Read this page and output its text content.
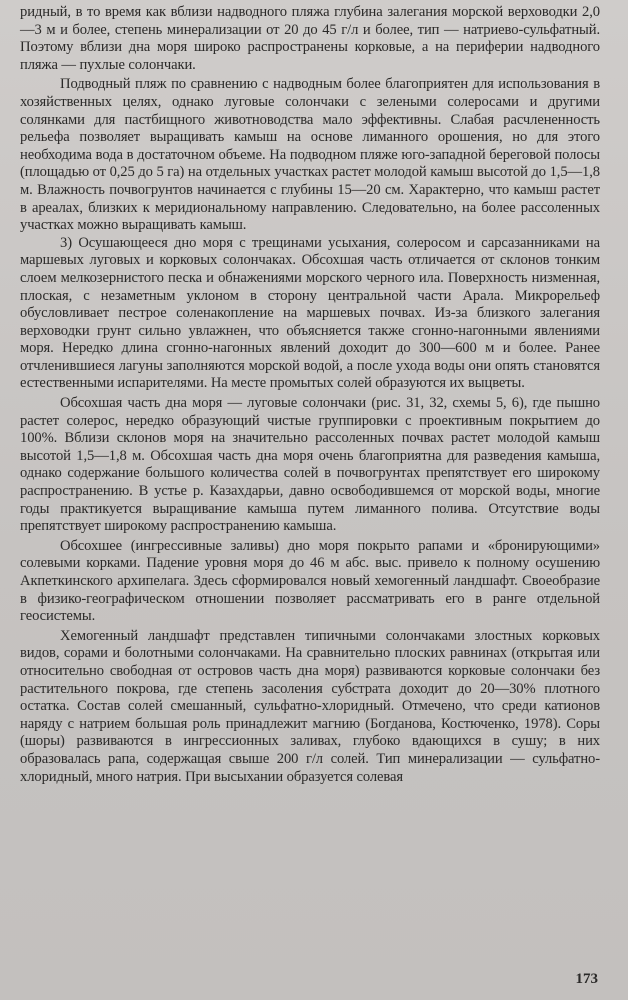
ридный, в то время как вблизи надводного пляжа глубина залегания морской верховодки 2,0—3 м и более, степень минерализации от 20 до 45 г/л и более, тип — натриево-сульфатный. Поэтому вблизи дна моря широко распространены корковые, а на периферии надводного пляжа — пухлые солончаки.

Подводный пляж по сравнению с надводным более благоприятен для использования в хозяйственных целях, однако луговые солончаки с зелеными солеросами и другими солянками для пастбищного животноводства мало эффективны. Слабая расчлененность рельефа позволяет выращивать камыш на основе лиманного орошения, но для этого необходима вода в достаточном объеме. На подводном пляже юго-западной береговой полосы (площадью от 0,25 до 5 га) на отдельных участках растет молодой камыш высотой до 1,5—1,8 м. Влажность почвогрунтов начинается с глубины 15—20 см. Характерно, что камыш растет в ареалах, близких к меридиональному направлению. Следовательно, на более рассоленных участках можно выращивать камыш.

3) Осушающееся дно моря с трещинами усыхания, солеросом и сарсазанниками на маршевых луговых и корковых солончаках. Обсохшая часть отличается от склонов тонким слоем мелкозернистого песка и обнажениями морского черного ила. Поверхность низменная, плоская, с незаметным уклоном в сторону центральной части Арала. Микрорельеф обусловливает пестрое соленакопление на маршевых почвах. Из-за близкого залегания верховодки грунт сильно увлажнен, что объясняется также сгонно-нагонными явлениями моря. Нередко длина сгонно-нагонных явлений доходит до 300—600 м и более. Ранее отчленившиеся лагуны заполняются морской водой, а после ухода воды они опять становятся естественными испарителями. На месте промытых солей образуются их выцветы.

Обсохшая часть дна моря — луговые солончаки (рис. 31, 32, схемы 5, 6), где пышно растет солерос, нередко образующий чистые группировки с проективным покрытием до 100%. Вблизи склонов моря на значительно рассоленных почвах растет молодой камыш высотой 1,5—1,8 м. Обсохшая часть дна моря очень благоприятна для разведения камыша, однако содержание большого количества солей в почвогрунтах препятствует его широкому распространению. В устье р. Казахдарьи, давно освободившемся от морской воды, многие годы практикуется выращивание камыша путем лиманного полива. Отсутствие воды препятствует широкому распространению камыша.

Обсохшее (ингрессивные заливы) дно моря покрыто рапами и «бронирующими» солевыми корками. Падение уровня моря до 46 м абс. выс. привело к полному осушению Акпеткинского архипелага. Здесь сформировался новый хемогенный ландшафт. Своеобразие в физико-географическом отношении позволяет рассматривать его в ранге отдельной геосистемы.

Хемогенный ландшафт представлен типичными солончаками злостных корковых видов, сорами и болотными солончаками. На сравнительно плоских равнинах (открытая или относительно свободная от островов часть дна моря) развиваются корковые солончаки без растительного покрова, где степень засоления субстрата доходит до 20—30% плотного остатка. Состав солей смешанный, сульфатно-хлоридный. Отмечено, что среди катионов наряду с натрием большая роль принадлежит магнию (Богданова, Костюченко, 1978). Соры (шоры) развиваются в ингрессионных заливах, глубоко вдающихся в сушу; в них образовалась рапа, содержащая свыше 200 г/л солей. Тип минерализации — сульфатно-хлоридный, много натрия. При высыхании образуется солевая

173
